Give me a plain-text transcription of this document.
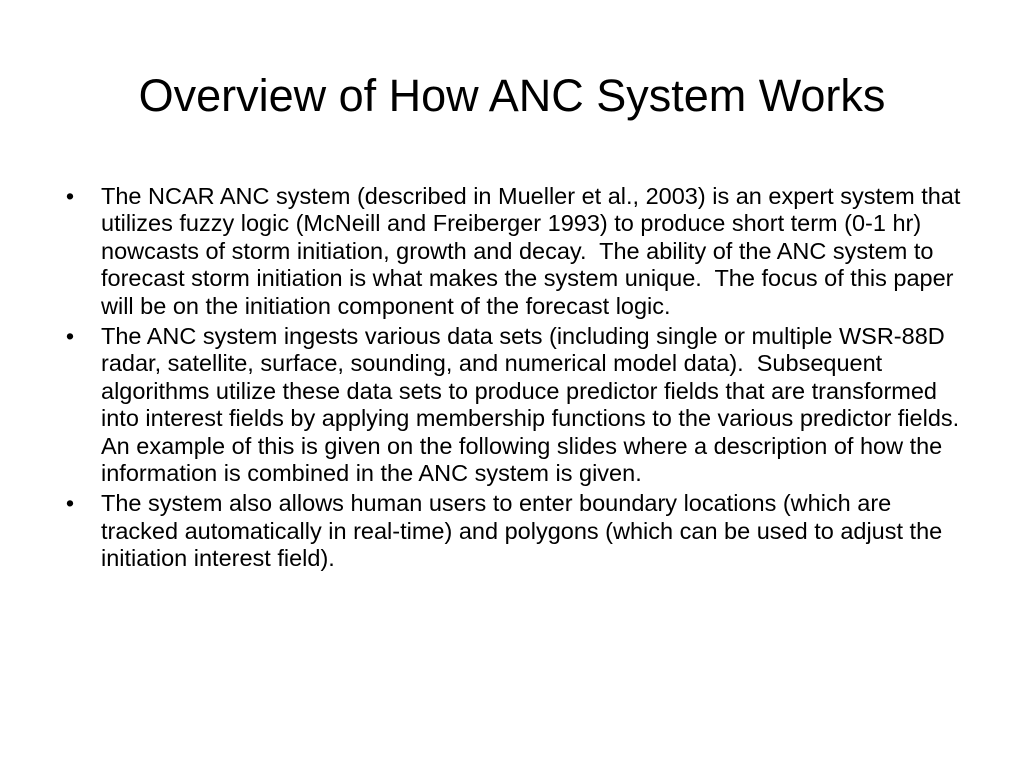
Overview of How ANC System Works
• The NCAR ANC system (described in Mueller et al., 2003) is an expert system that utilizes fuzzy logic (McNeill and Freiberger 1993) to produce short term (0-1 hr) nowcasts of storm initiation, growth and decay.  The ability of the ANC system to forecast storm initiation is what makes the system unique.  The focus of this paper will be on the initiation component of the forecast logic.
• The ANC system ingests various data sets (including single or multiple WSR-88D radar, satellite, surface, sounding, and numerical model data).  Subsequent algorithms utilize these data sets to produce predictor fields that are transformed into interest fields by applying membership functions to the various predictor fields.  An example of this is given on the following slides where a description of how the information is combined in the ANC system is given.
• The system also allows human users to enter boundary locations (which are tracked automatically in real-time) and polygons (which can be used to adjust the initiation interest field).
